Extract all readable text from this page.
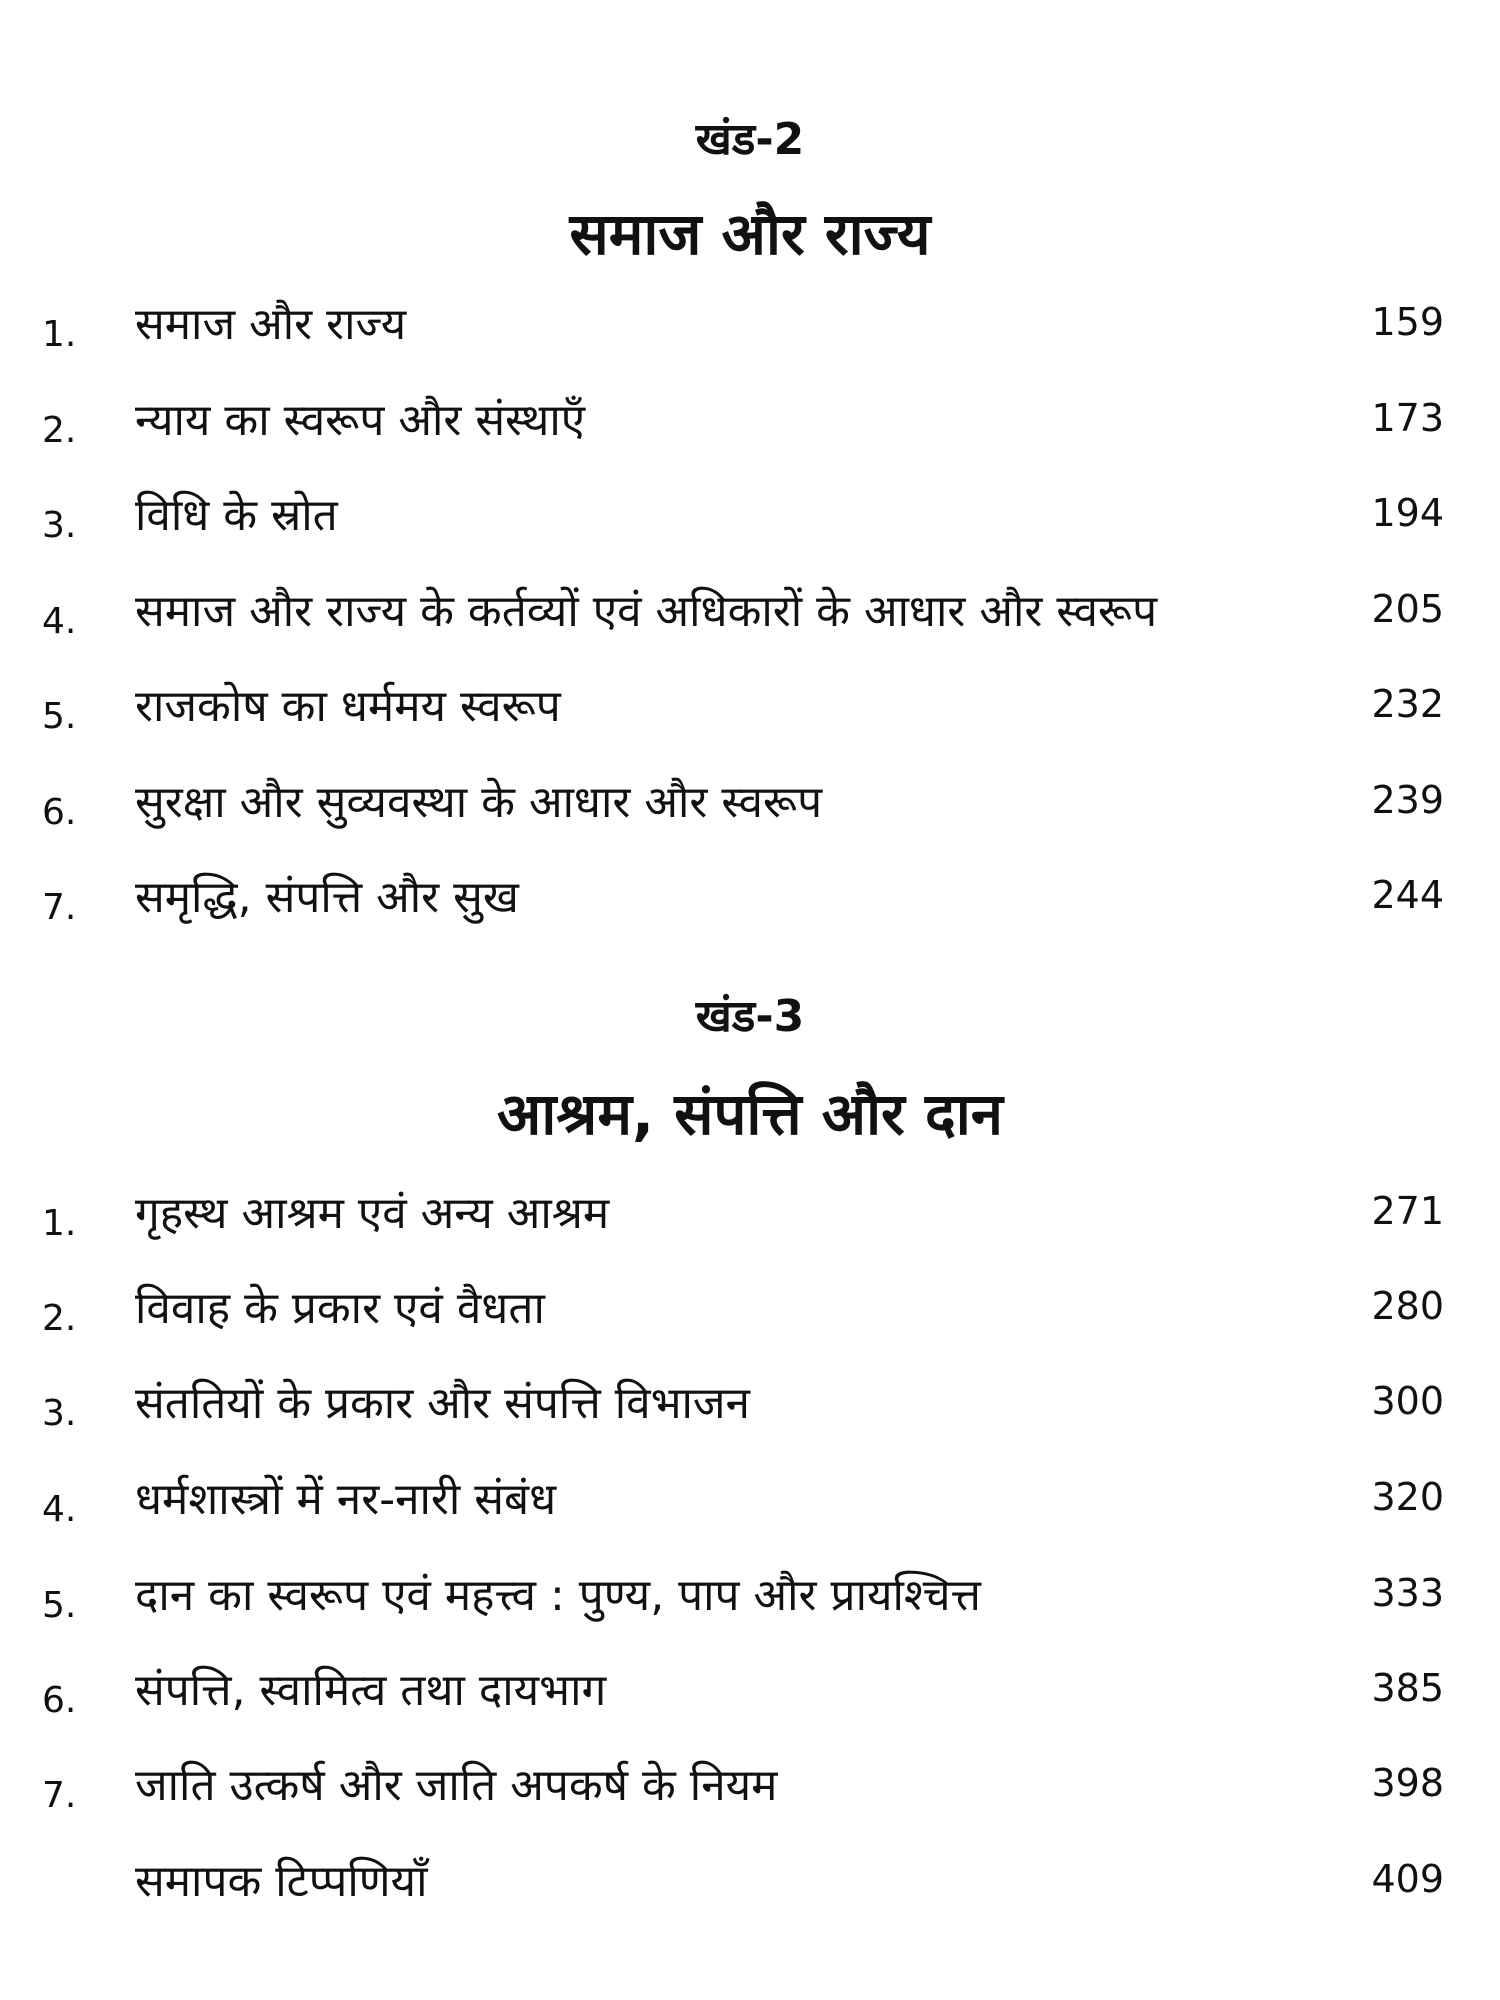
खंड-2
समाज और राज्य
1. समाज और राज्य	159
2. न्याय का स्वरूप और संस्थाएँ	173
3. विधि के स्रोत	194
4. समाज और राज्य के कर्तव्यों एवं अधिकारों के आधार और स्वरूप	205
5. राजकोष का धर्ममय स्वरूप	232
6. सुरक्षा और सुव्यवस्था के आधार और स्वरूप	239
7. समृद्धि, संपत्ति और सुख	244
खंड-3
आश्रम, संपत्ति और दान
1. गृहस्थ आश्रम एवं अन्य आश्रम	271
2. विवाह के प्रकार एवं वैधता	280
3. संततियों के प्रकार और संपत्ति विभाजन	300
4. धर्मशास्त्रों में नर-नारी संबंध	320
5. दान का स्वरूप एवं महत्त्व : पुण्य, पाप और प्रायश्चित्त	333
6. संपत्ति, स्वामित्व तथा दायभाग	385
7. जाति उत्कर्ष और जाति अपकर्ष के नियम	398
समापक टिप्पणियाँ	409
